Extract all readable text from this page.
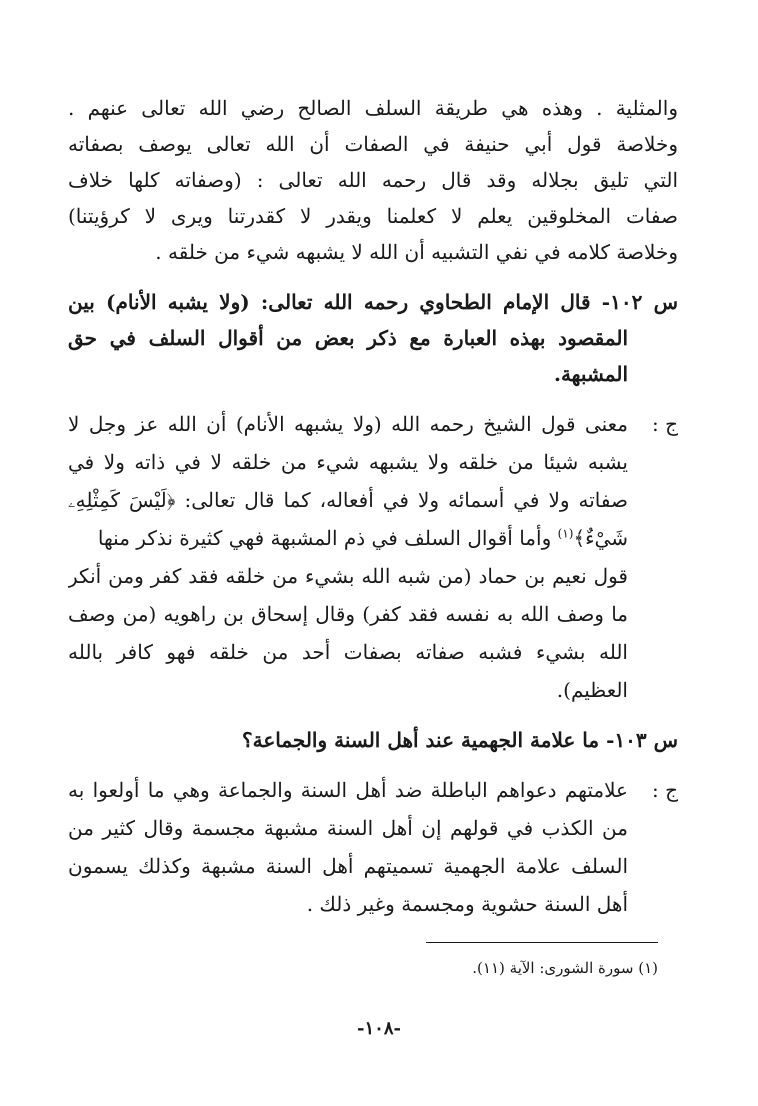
والمثلية . وهذه هي طريقة السلف الصالح رضي الله تعالى عنهم .
وخلاصة قول أبي حنيفة في الصفات أن الله تعالى يوصف بصفاته
التي تليق بجلاله وقد قال رحمه الله تعالى : (وصفاته كلها خلاف
صفات المخلوقين يعلم لا كعلمنا ويقدر لا كقدرتنا ويرى لا كرؤيتنا)
وخلاصة كلامه في نفي التشبيه أن الله لا يشبهه شيء من خلقه .
س ١٠٢- قال الإمام الطحاوي رحمه الله تعالى: (ولا يشبه الأنام) بين
المقصود بهذه العبارة مع ذكر بعض من أقوال السلف في حق
المشبهة.
ج :
معنى قول الشيخ رحمه الله (ولا يشبهه الأنام) أن الله عز وجل لا
يشبه شيئا من خلقه ولا يشبهه شيء من خلقه لا في ذاته ولا في
صفاته ولا في أسمائه ولا في أفعاله، كما قال تعالى: ﴿لَيْسَ كَمِثْلِهِۦ
شَيْءٌ﴾$^{(١)}$ وأما أقوال السلف في ذم المشبهة فهي كثيرة نذكر منها
قول نعيم بن حماد (من شبه الله بشيء من خلقه فقد كفر ومن أنكر
ما وصف الله به نفسه فقد كفر) وقال إسحاق بن راهويه (من وصف
الله بشيء فشبه صفاته بصفات أحد من خلقه فهو كافر بالله
العظيم).
س ١٠٣- ما علامة الجهمية عند أهل السنة والجماعة؟
ج :
علامتهم دعواهم الباطلة ضد أهل السنة والجماعة وهي ما أولعوا به
من الكذب في قولهم إن أهل السنة مشبهة مجسمة وقال كثير من
السلف علامة الجهمية تسميتهم أهل السنة مشبهة وكذلك يسمون
أهل السنة حشوية ومجسمة وغير ذلك .
(١) سورة الشورى: الآية (١١).
-١٠٨-
